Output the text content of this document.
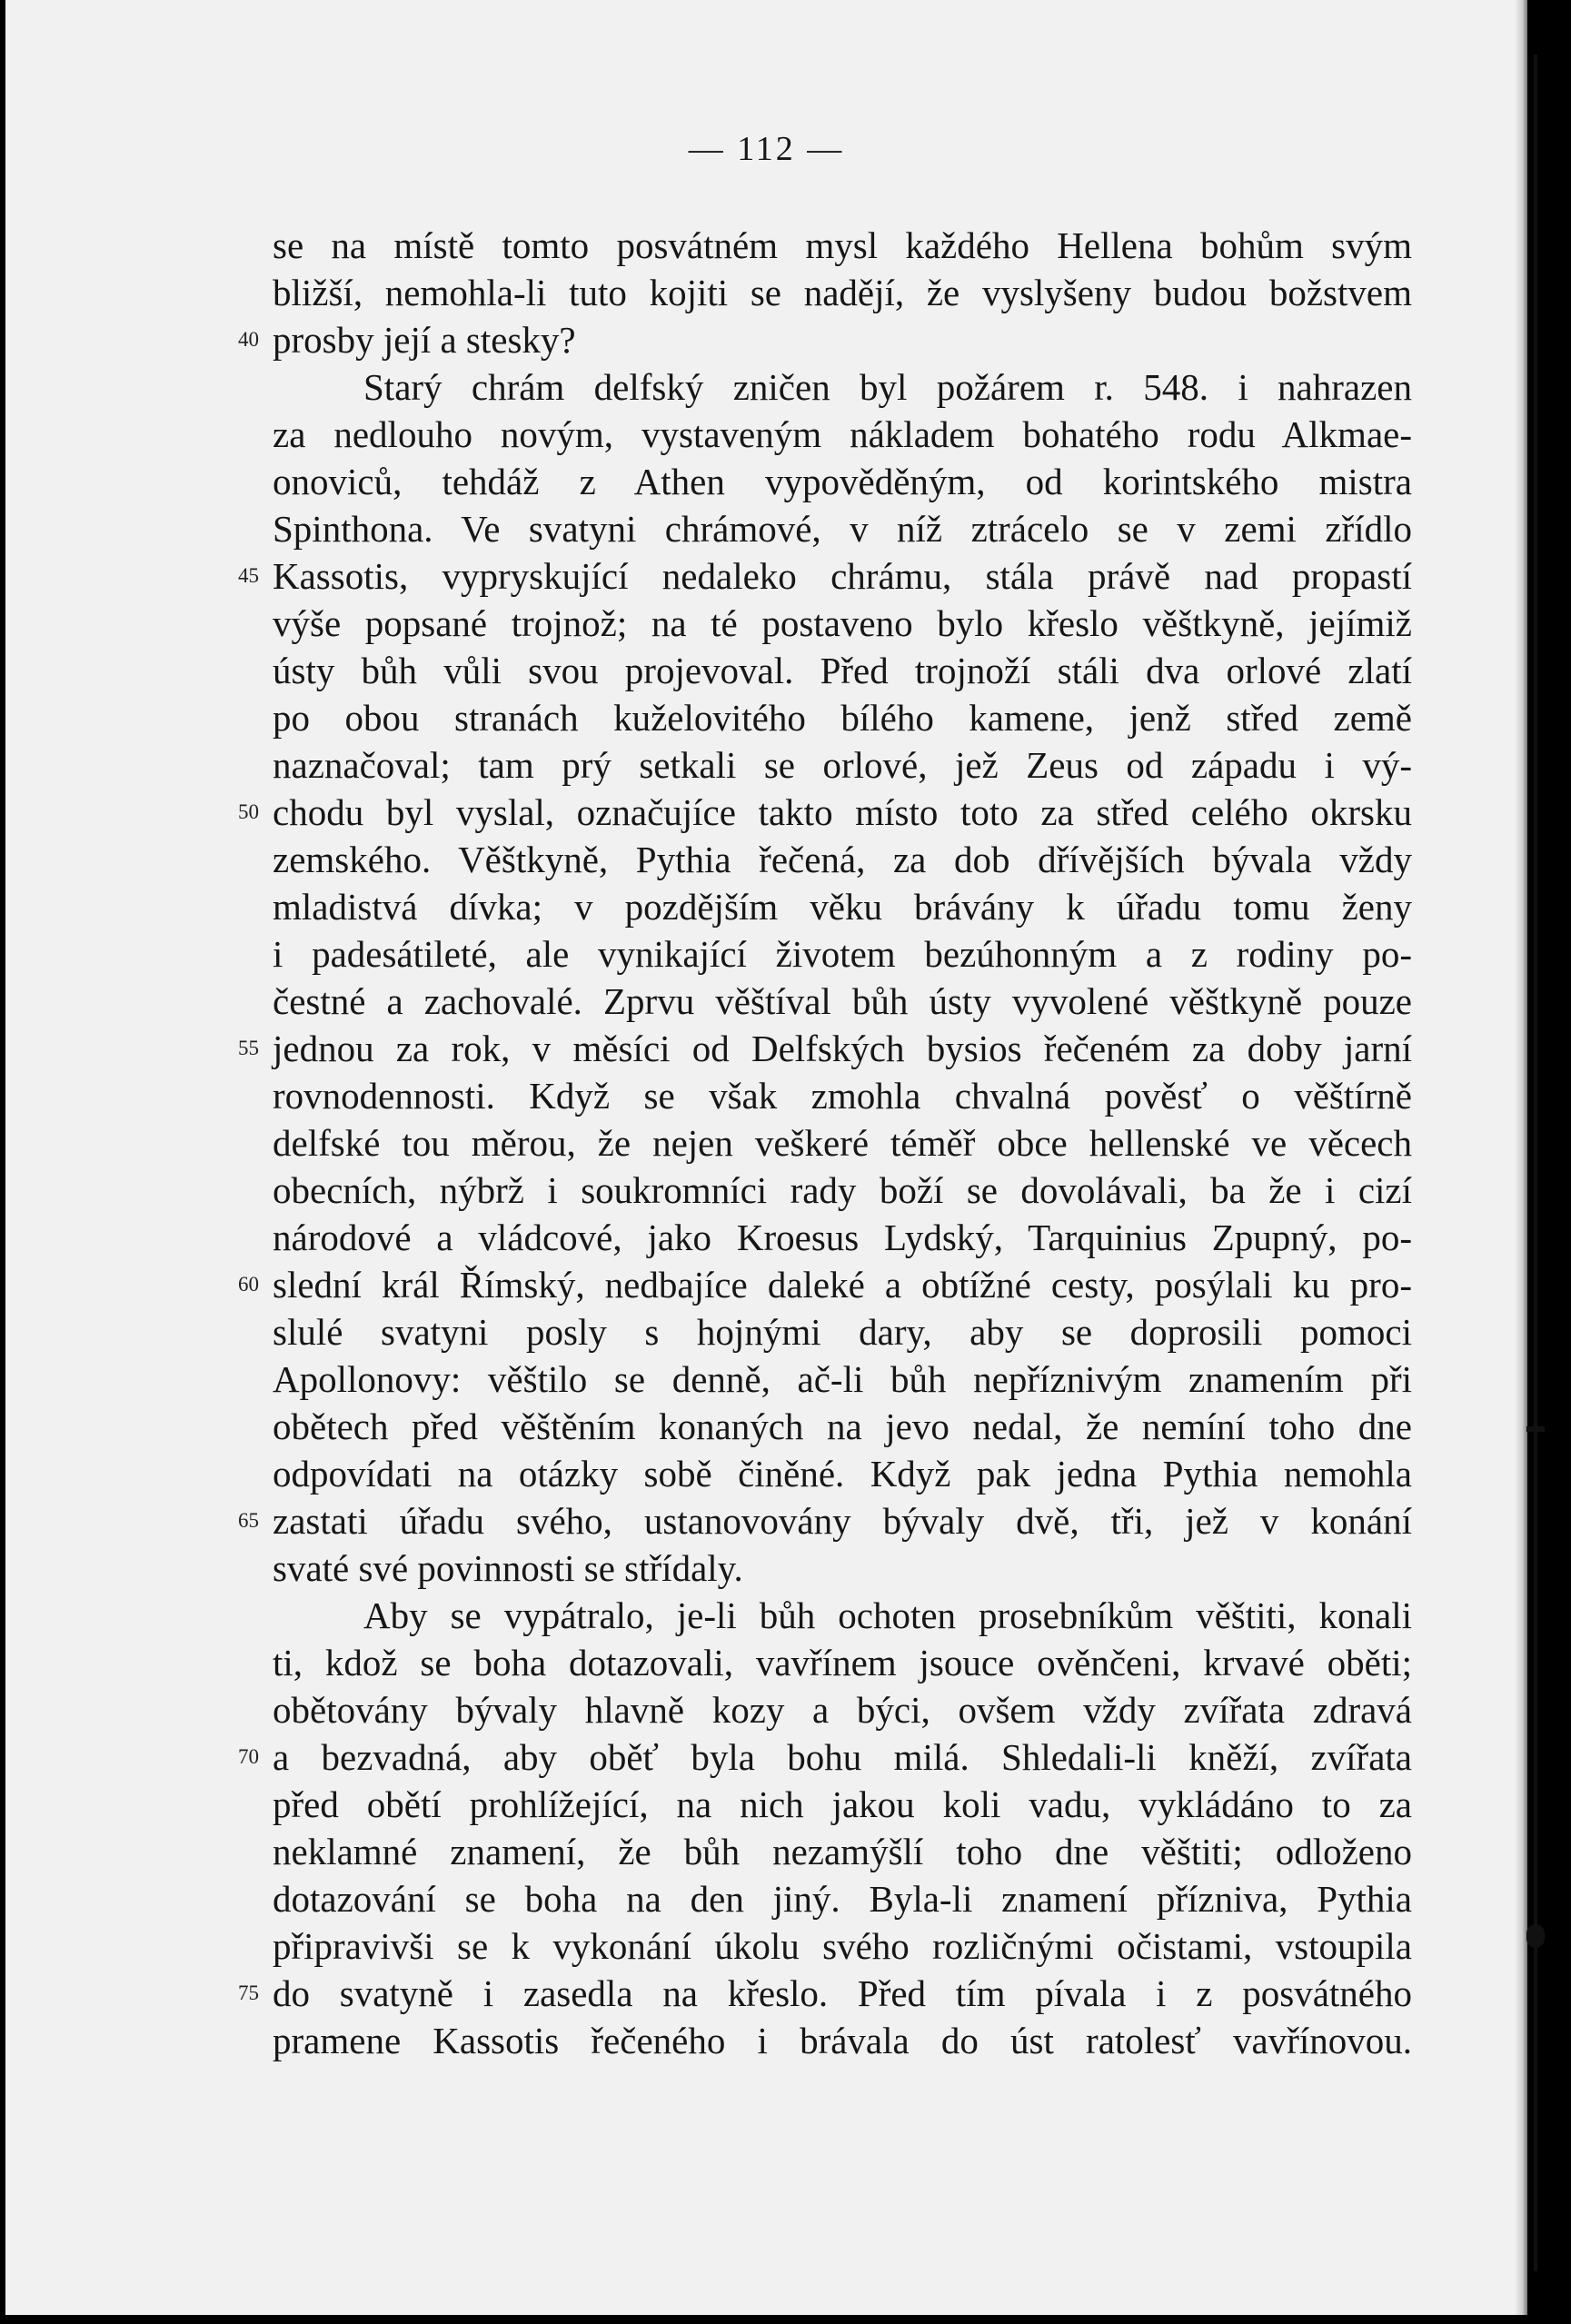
— 112 —
se na místě tomto posvátném mysl každého Hellena bohům svým
bližší, nemohla-li tuto kojiti se nadějí, že vyslyšeny budou božstvem
40 prosby její a stesky?
Starý chrám delfský zničen byl požárem r. 548. i nahrazen
za nedlouho novým, vystaveným nákladem bohatého rodu Alkmae-
onoviců, tehdáž z Athen vypověděným, od korintského mistra
Spinthona. Ve svatyni chrámové, v níž ztrácelo se v zemi zřídlo
45 Kassotis, vypryskující nedaleko chrámu, stála právě nad propastí
výše popsané trojnož; na té postaveno bylo křeslo věštkyně, jejímiž
ústy bůh vůli svou projevoval. Před trojnoží stáli dva orlové zlatí
po obou stranách kuželovitého bílého kamene, jenž střed země
naznačoval; tam prý setkali se orlové, jež Zeus od západu i vý-
50 chodu byl vyslal, označujíce takto místo toto za střed celého okrsku
zemského. Věštkyně, Pythia řečená, za dob dřívějších bývala vždy
mladistvá dívka; v pozdějším věku brávány k úřadu tomu ženy
i padesátileté, ale vynikající životem bezúhonným a z rodiny po-
čestné a zachovalé. Zprvu věštíval bůh ústy vyvolené věštkyně pouze
55 jednou za rok, v měsíci od Delfských bysios řečeném za doby jarní
rovnodennosti. Když se však zmohla chvalná pověsť o věštírně
delfské tou měrou, že nejen veškeré téměř obce hellenské ve věcech
obecních, nýbrž i soukromníci rady boží se dovolávali, ba že i cizí
národové a vládcové, jako Kroesus Lydský, Tarquinius Zpupný, po-
60 slední král Římský, nedbajíce daleké a obtížné cesty, posýlali ku pro-
slulé svatyni posly s hojnými dary, aby se doprosili pomoci
Apollonovy: věštilo se denně, ač-li bůh nepříznivým znamením při
obětech před věštěním konaných na jevo nedal, že nemíní toho dne
odpovídati na otázky sobě činěné. Když pak jedna Pythia nemohla
65 zastati úřadu svého, ustanovovány bývaly dvě, tři, jež v konání
svaté své povinnosti se střídaly.
Aby se vypátralo, je-li bůh ochoten prosebníkům věštiti, konali
ti, kdož se boha dotazovali, vavřínem jsouce ověnčeni, krvavé oběti;
obětovány bývaly hlavně kozy a býci, ovšem vždy zvířata zdravá
70 a bezvadná, aby oběť byla bohu milá. Shledali-li kněží, zvířata
před obětí prohlížející, na nich jakou koli vadu, vykládáno to za
neklamné znamení, že bůh nezamýšlí toho dne věštiti; odloženo
dotazování se boha na den jiný. Byla-li znamení přízniva, Pythia
připravivši se k vykonání úkolu svého rozličnými očistami, vstoupila
75 do svatyně i zasedla na křeslo. Před tím pívala i z posvátného
pramene Kassotis řečeného i brávala do úst ratolesť vavřínovou.
